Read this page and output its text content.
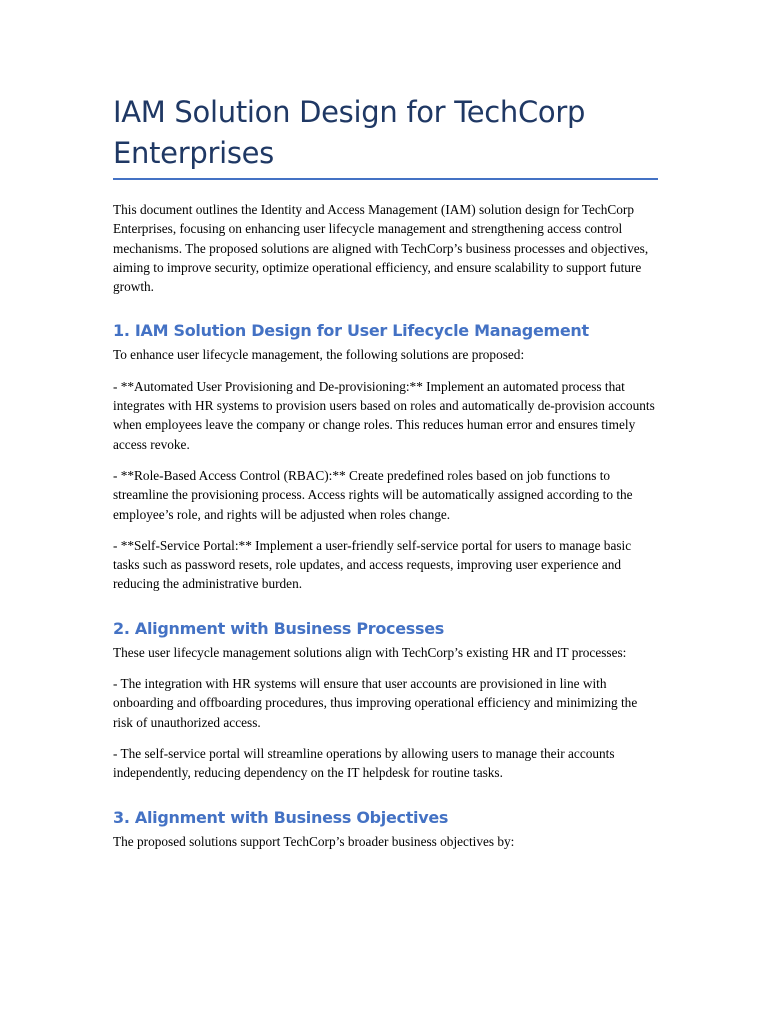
IAM Solution Design for TechCorp Enterprises

This document outlines the Identity and Access Management (IAM) solution design for TechCorp Enterprises, focusing on enhancing user lifecycle management and strengthening access control mechanisms. The proposed solutions are aligned with TechCorp’s business processes and objectives, aiming to improve security, optimize operational efficiency, and ensure scalability to support future growth.

1. IAM Solution Design for User Lifecycle Management

To enhance user lifecycle management, the following solutions are proposed:

- **Automated User Provisioning and De-provisioning:** Implement an automated process that integrates with HR systems to provision users based on roles and automatically de-provision accounts when employees leave the company or change roles. This reduces human error and ensures timely access revoke.

- **Role-Based Access Control (RBAC):** Create predefined roles based on job functions to streamline the provisioning process. Access rights will be automatically assigned according to the employee’s role, and rights will be adjusted when roles change.

- **Self-Service Portal:** Implement a user-friendly self-service portal for users to manage basic tasks such as password resets, role updates, and access requests, improving user experience and reducing the administrative burden.

2. Alignment with Business Processes

These user lifecycle management solutions align with TechCorp’s existing HR and IT processes:

- The integration with HR systems will ensure that user accounts are provisioned in line with onboarding and offboarding procedures, thus improving operational efficiency and minimizing the risk of unauthorized access.

- The self-service portal will streamline operations by allowing users to manage their accounts independently, reducing dependency on the IT helpdesk for routine tasks.

3. Alignment with Business Objectives

The proposed solutions support TechCorp’s broader business objectives by:
